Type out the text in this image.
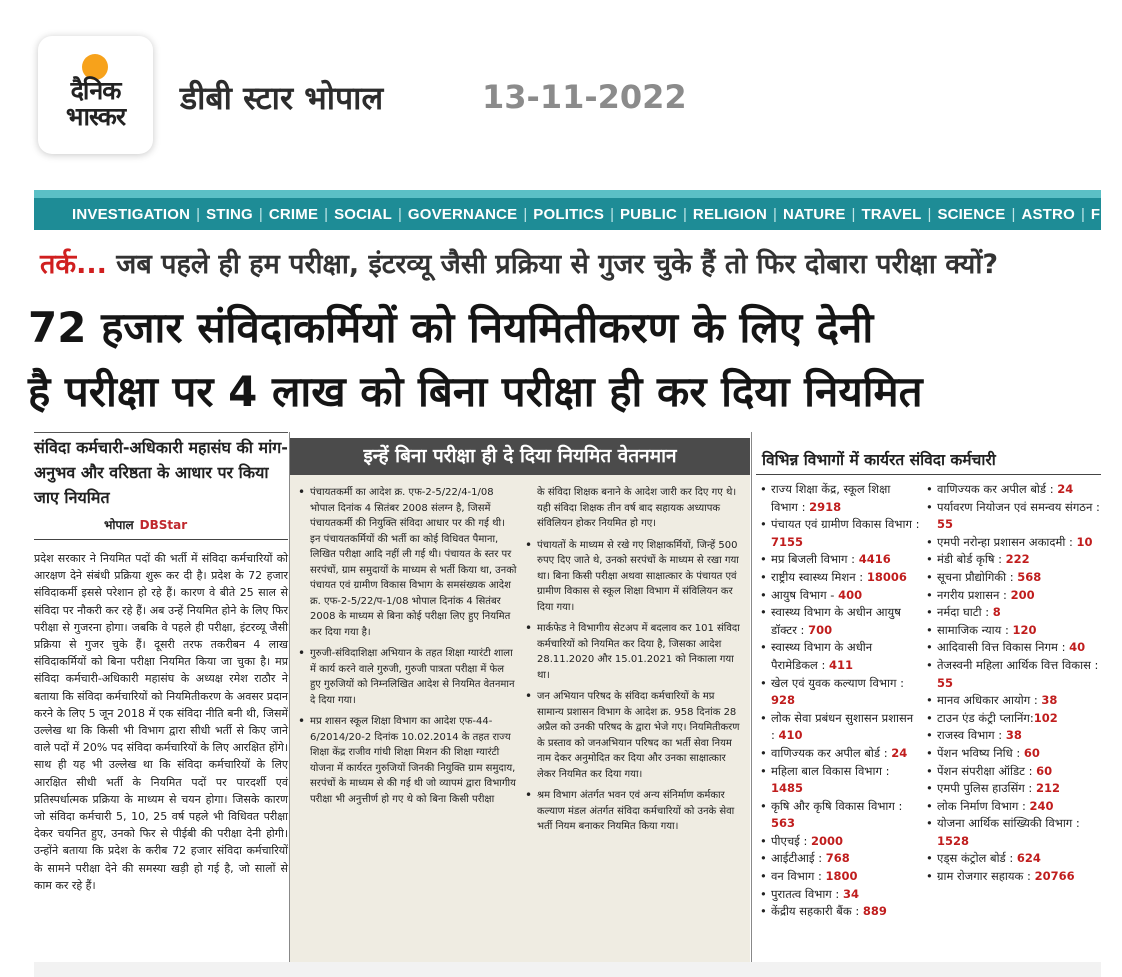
दैनिक
भास्कर	डीबी स्टार भोपाल	13-11-2022
INVESTIGATION | STING | CRIME | SOCIAL | GOVERNANCE | POLITICS | PUBLIC | RELIGION | NATURE | TRAVEL | SCIENCE | ASTRO | FUN
तर्क... जब पहले ही हम परीक्षा, इंटरव्यू जैसी प्रक्रिया से गुजर चुके हैं तो फिर दोबारा परीक्षा क्यों?
72 हजार संविदाकर्मियों को नियमितीकरण के लिए देनी
है परीक्षा पर 4 लाख को बिना परीक्षा ही कर दिया नियमित
संविदा कर्मचारी-अधिकारी महासंघ की मांग- अनुभव और वरिष्ठता के आधार पर किया जाए नियमित
भोपाल DBStar
प्रदेश सरकार ने नियमित पदों की भर्ती में संविदा कर्मचारियों को आरक्षण देने संबंधी प्रक्रिया शुरू कर दी है। प्रदेश के 72 हजार संविदाकर्मी इससे परेशान हो रहे हैं। कारण वे बीते 25 साल से संविदा पर नौकरी कर रहे हैं। अब उन्हें नियमित होने के लिए फिर परीक्षा से गुजरना होगा। जबकि वे पहले ही परीक्षा, इंटरव्यू जैसी प्रक्रिया से गुजर चुके हैं। दूसरी तरफ तकरीबन 4 लाख संविदाकर्मियों को बिना परीक्षा नियमित किया जा चुका है। मप्र संविदा कर्मचारी-अधिकारी महासंघ के अध्यक्ष रमेश राठौर ने बताया कि संविदा कर्मचारियों को नियमितीकरण के अवसर प्रदान करने के लिए 5 जून 2018 में एक संविदा नीति बनी थी, जिसमें उल्लेख था कि किसी भी विभाग द्वारा सीधी भर्ती से किए जाने वाले पदों में 20% पद संविदा कर्मचारियों के लिए आरक्षित होंगे। साथ ही यह भी उल्लेख था कि संविदा कर्मचारियों के लिए आरक्षित सीधी भर्ती के नियमित पदों पर पारदर्शी एवं प्रतिस्पर्धात्मक प्रक्रिया के माध्यम से चयन होगा। जिसके कारण जो संविदा कर्मचारी 5, 10, 25 वर्ष पहले भी विधिवत परीक्षा देकर चयनित हुए, उनको फिर से पीईबी की परीक्षा देनी होगी। उन्होंने बताया कि प्रदेश के करीब 72 हजार संविदा कर्मचारियों के सामने परीक्षा देने की समस्या खड़ी हो गई है, जो सालों से काम कर रहे हैं।
इन्हें बिना परीक्षा ही दे दिया नियमित वेतनमान
• पंचायतकर्मी का आदेश क्र. एफ-2-5/22/4-1/08 भोपाल दिनांक 4 सितंबर 2008 संलग्न है, जिसमें पंचायतकर्मी की नियुक्ति संविदा आधार पर की गई थी। इन पंचायतकर्मियों की भर्ती का कोई विधिवत पैमाना, लिखित परीक्षा आदि नहीं ली गई थी। पंचायत के स्तर पर सरपंचों, ग्राम समुदायों के माध्यम से भर्ती किया था, उनको पंचायत एवं ग्रामीण विकास विभाग के समसंख्यक आदेश क्र. एफ-2-5/22/प-1/08 भोपाल दिनांक 4 सितंबर 2008 के माध्यम से बिना कोई परीक्षा लिए हुए नियमित कर दिया गया है।
• गुरुजी-संविदाशिक्षा अभियान के तहत शिक्षा ग्यारंटी शाला में कार्य करने वाले गुरुजी, गुरुजी पात्रता परीक्षा में फेल हुए गुरुजियों को निम्नलिखित आदेश से नियमित वेतनमान दे दिया गया।
• मप्र शासन स्कूल शिक्षा विभाग का आदेश एफ-44-6/2014/20-2 दिनांक 10.02.2014 के तहत राज्य शिक्षा केंद्र राजीव गांधी शिक्षा मिशन की शिक्षा ग्यारंटी योजना में कार्यरत गुरुजियों जिनकी नियुक्ति ग्राम समुदाय, सरपंचों के माध्यम से की गई थी जो व्यापमं द्वारा विभागीय परीक्षा भी अनुत्तीर्ण हो गए थे को बिना किसी परीक्षा
के संविदा शिक्षक बनाने के आदेश जारी कर दिए गए थे। यही संविदा शिक्षक तीन वर्ष बाद सहायक अध्यापक संविलियन होकर नियमित हो गए।
• पंचायतों के माध्यम से रखे गए शिक्षाकर्मियों, जिन्हें 500 रुपए दिए जाते थे, उनको सरपंचों के माध्यम से रखा गया था। बिना किसी परीक्षा अथवा साक्षात्कार के पंचायत एवं ग्रामीण विकास से स्कूल शिक्षा विभाग में संविलियन कर दिया गया।
• मार्कफेड ने विभागीय सेटअप में बदलाव कर 101 संविदा कर्मचारियों को नियमित कर दिया है, जिसका आदेश 28.11.2020 और 15.01.2021 को निकाला गया था।
• जन अभियान परिषद के संविदा कर्मचारियों के मप्र सामान्य प्रशासन विभाग के आदेश क्र. 958 दिनांक 28 अप्रैल को उनकी परिषद के द्वारा भेजे गए। नियमितीकरण के प्रस्ताव को जनअभियान परिषद का भर्ती सेवा नियम नाम देकर अनुमोदित कर दिया और उनका साक्षात्कार लेकर नियमित कर दिया गया।
• श्रम विभाग अंतर्गत भवन एवं अन्य संनिर्माण कर्मकार कल्याण मंडल अंतर्गत संविदा कर्मचारियों को उनके सेवा भर्ती नियम बनाकर नियमित किया गया।
विभिन्न विभागों में कार्यरत संविदा कर्मचारी
• राज्य शिक्षा केंद्र, स्कूल शिक्षा विभाग : 2918
• पंचायत एवं ग्रामीण विकास विभाग : 7155
• मप्र बिजली विभाग : 4416
• राष्ट्रीय स्वास्थ्य मिशन : 18006
• आयुष विभाग - 400
• स्वास्थ्य विभाग के अधीन आयुष डॉक्टर : 700
• स्वास्थ्य विभाग के अधीन पैरामेडिकल : 411
• खेल एवं युवक कल्याण विभाग : 928
• लोक सेवा प्रबंधन सुशासन प्रशासन : 410
• वाणिज्यक कर अपील बोर्ड : 24
• महिला बाल विकास विभाग : 1485
• कृषि और कृषि विकास विभाग : 563
• पीएचई : 2000
• आईटीआई : 768
• वन विभाग : 1800
• पुरातत्व विभाग : 34
• केंद्रीय सहकारी बैंक : 889
• वाणिज्यक कर अपील बोर्ड : 24
• पर्यावरण नियोजन एवं समन्वय संगठन : 55
• एमपी नरोन्हा प्रशासन अकादमी : 10
• मंडी बोर्ड कृषि : 222
• सूचना प्रौद्योगिकी : 568
• नगरीय प्रशासन : 200
• नर्मदा घाटी : 8
• सामाजिक न्याय : 120
• आदिवासी वित्त विकास निगम : 40
• तेजस्वनी महिला आर्थिक वित्त विकास : 55
• मानव अधिकार आयोग : 38
• टाउन एंड कंट्री प्लानिंग:102
• राजस्व विभाग : 38
• पेंशन भविष्य निधि : 60
• पेंशन संपरीक्षा ऑडिट : 60
• एमपी पुलिस हाउसिंग : 212
• लोक निर्माण विभाग : 240
• योजना आर्थिक सांख्यिकी विभाग : 1528
• एड्स कंट्रोल बोर्ड : 624
• ग्राम रोजगार सहायक : 20766
